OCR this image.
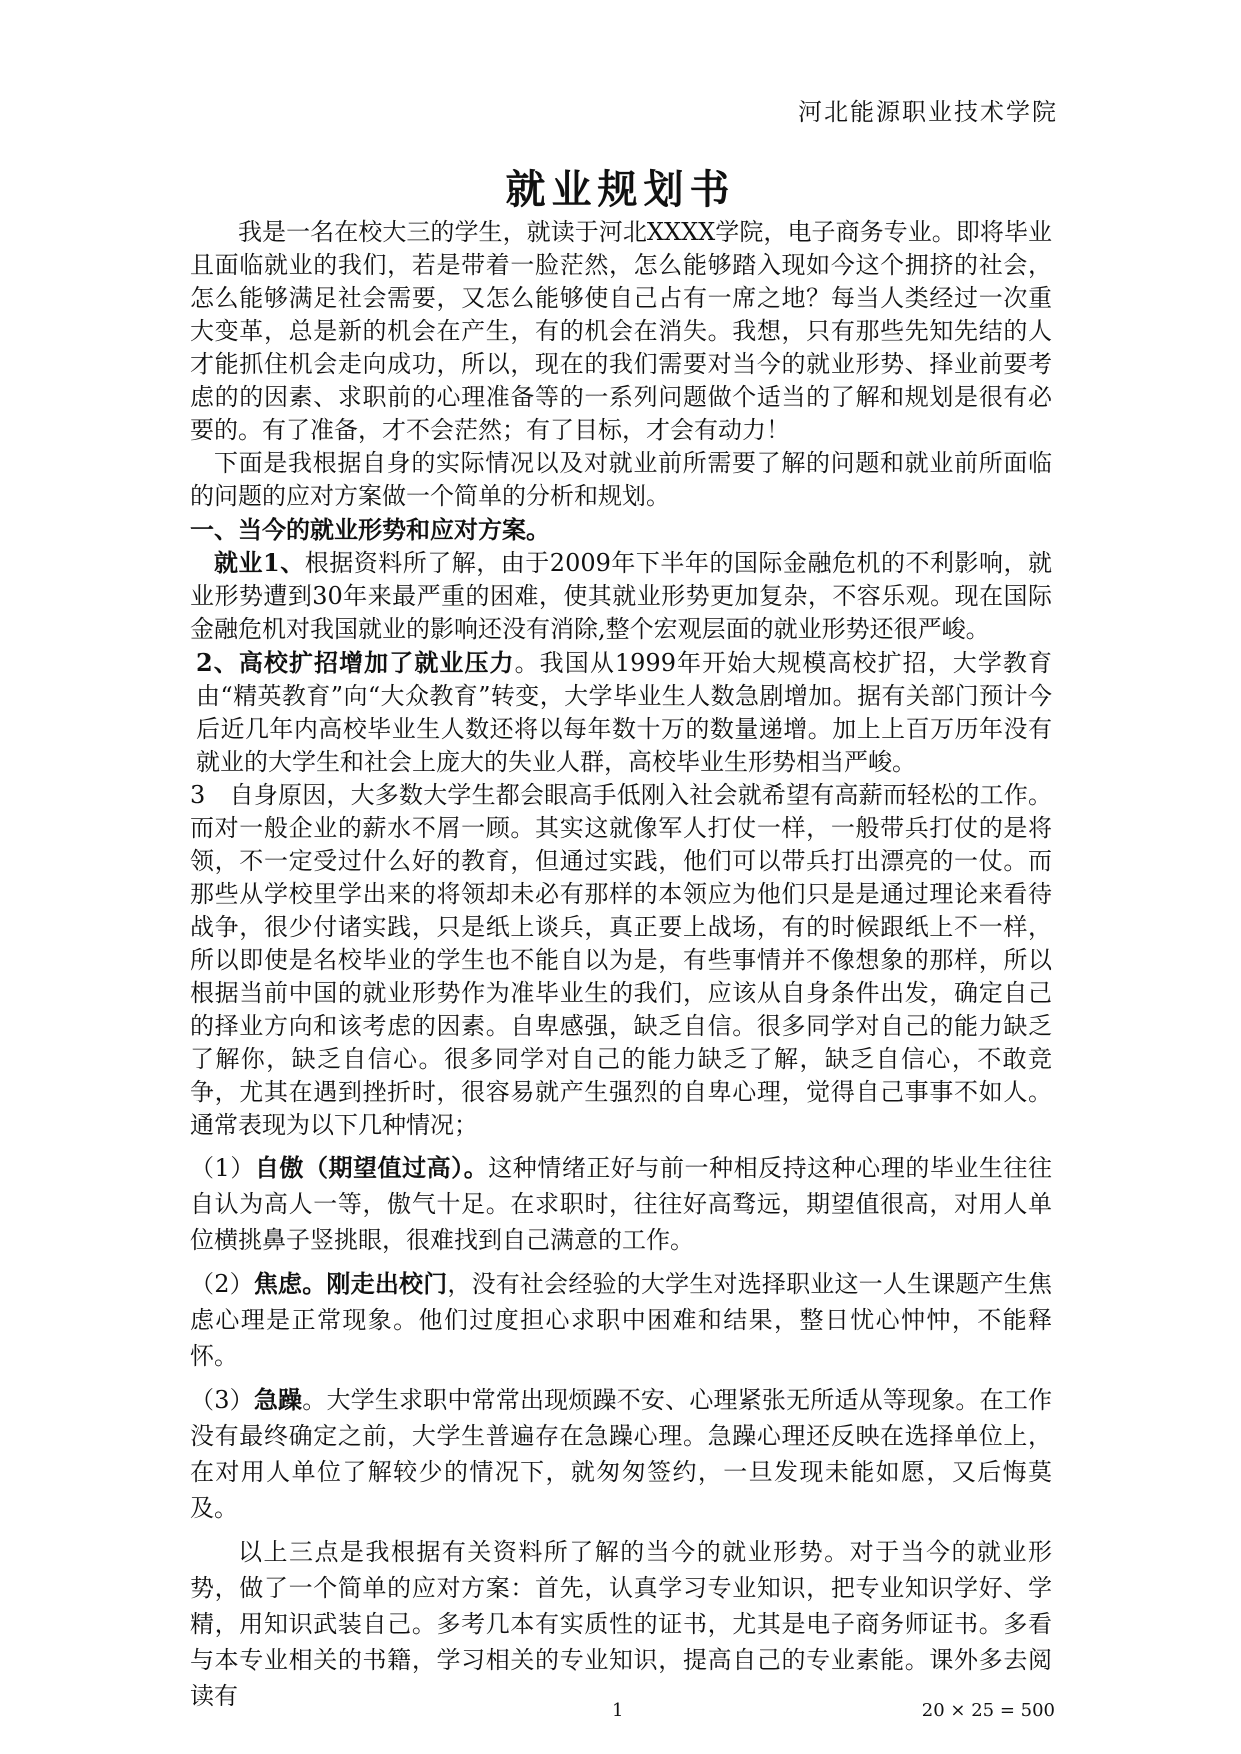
河北能源职业技术学院
就业规划书

我是一名在校大三的学生，就读于河北XXXX学院，电子商务专业。即将毕业且面临就业的我们，若是带着一脸茫然，怎么能够踏入现如今这个拥挤的社会，怎么能够满足社会需要，又怎么能够使自己占有一席之地？每当人类经过一次重大变革，总是新的机会在产生，有的机会在消失。我想，只有那些先知先结的人才能抓住机会走向成功，所以，现在的我们需要对当今的就业形势、择业前要考虑的的因素、求职前的心理准备等的一系列问题做个适当的了解和规划是很有必要的。有了准备，才不会茫然；有了目标，才会有动力！

下面是我根据自身的实际情况以及对就业前所需要了解的问题和就业前所面临的问题的应对方案做一个简单的分析和规划。

一、当今的就业形势和应对方案。

就业1、根据资料所了解，由于2009年下半年的国际金融危机的不利影响，就业形势遭到30年来最严重的困难，使其就业形势更加复杂，不容乐观。现在国际金融危机对我国就业的影响还没有消除,整个宏观层面的就业形势还很严峻。

2、高校扩招增加了就业压力。我国从1999年开始大规模高校扩招，大学教育由“精英教育”向“大众教育”转变，大学毕业生人数急剧增加。据有关部门预计今后近几年内高校毕业生人数还将以每年数十万的数量递增。加上上百万历年没有就业的大学生和社会上庞大的失业人群，高校毕业生形势相当严峻。

3　自身原因，大多数大学生都会眼高手低刚入社会就希望有高薪而轻松的工作。而对一般企业的薪水不屑一顾。其实这就像军人打仗一样，一般带兵打仗的是将领，不一定受过什么好的教育，但通过实践，他们可以带兵打出漂亮的一仗。而那些从学校里学出来的将领却未必有那样的本领应为他们只是是通过理论来看待战争，很少付诸实践，只是纸上谈兵，真正要上战场，有的时候跟纸上不一样，所以即使是名校毕业的学生也不能自以为是，有些事情并不像想象的那样，所以根据当前中国的就业形势作为准毕业生的我们，应该从自身条件出发，确定自己的择业方向和该考虑的因素。自卑感强，缺乏自信。很多同学对自己的能力缺乏了解你，缺乏自信心。很多同学对自己的能力缺乏了解，缺乏自信心，不敢竞争，尤其在遇到挫折时，很容易就产生强烈的自卑心理，觉得自己事事不如人。通常表现为以下几种情况；

（1）自傲（期望值过高）。这种情绪正好与前一种相反持这种心理的毕业生往往自认为高人一等，傲气十足。在求职时，往往好高骛远，期望值很高，对用人单位横挑鼻子竖挑眼，很难找到自己满意的工作。

（2）焦虑。刚走出校门，没有社会经验的大学生对选择职业这一人生课题产生焦虑心理是正常现象。他们过度担心求职中困难和结果，整日忧心忡忡，不能释怀。

（3）急躁。大学生求职中常常出现烦躁不安、心理紧张无所适从等现象。在工作没有最终确定之前，大学生普遍存在急躁心理。急躁心理还反映在选择单位上，在对用人单位了解较少的情况下，就匆匆签约，一旦发现未能如愿，又后悔莫及。

以上三点是我根据有关资料所了解的当今的就业形势。对于当今的就业形势，做了一个简单的应对方案：首先，认真学习专业知识，把专业知识学好、学精，用知识武装自己。多考几本有实质性的证书，尤其是电子商务师证书。多看与本专业相关的书籍，学习相关的专业知识，提高自己的专业素能。课外多去阅读有

1	20 × 25 = 500
